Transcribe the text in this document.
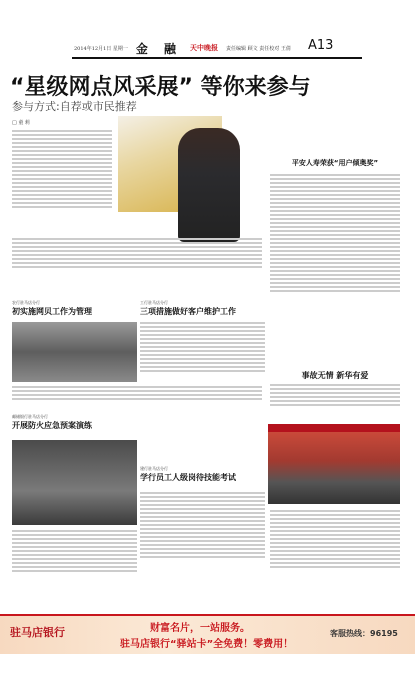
2014年12月1日 星期一 金 融 天中晚报 责任编辑 顾文 责任校对 王倩 A13
“星级网点风采展” 等你来参与
参与方式:自荐或市民推荐
□ 童 莉
平安人寿荣获“用户倾奥奖”
农行驻马店分行
初实施网贝工作为管理
工行驻马店分行
三项措施做好客户维护工作
邮储银行驻马店分行
开展防火应急预案演练
建行驻马店分行
学行员工人级岗待技能考试
事故无情 新华有爱
驻马店银行	财富名片，一站服务。
驻马店银行“驿站卡”全免费！零费用！
客服热线：96195
